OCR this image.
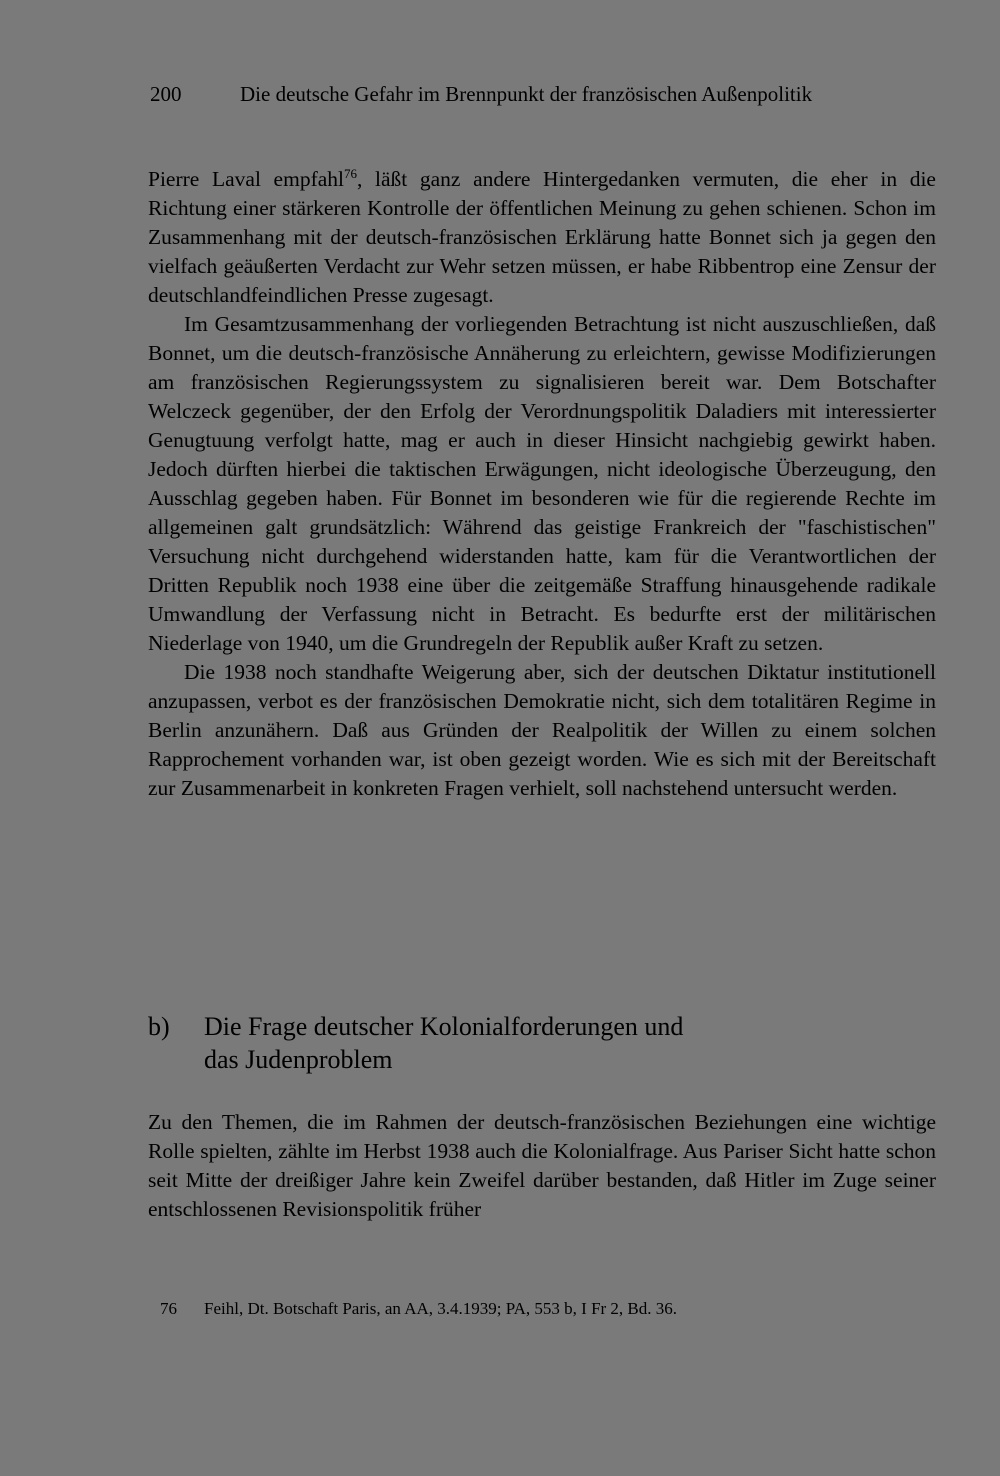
200	Die deutsche Gefahr im Brennpunkt der französischen Außenpolitik

Pierre Laval empfahl$^{76}$, läßt ganz andere Hintergedanken vermuten, die eher in die Richtung einer stärkeren Kontrolle der öffentlichen Meinung zu gehen schienen. Schon im Zusammenhang mit der deutsch-französischen Erklärung hatte Bonnet sich ja gegen den vielfach geäußerten Verdacht zur Wehr setzen müssen, er habe Ribbentrop eine Zensur der deutschlandfeindlichen Presse zugesagt.

Im Gesamtzusammenhang der vorliegenden Betrachtung ist nicht auszuschließen, daß Bonnet, um die deutsch-französische Annäherung zu erleichtern, gewisse Modifizierungen am französischen Regierungssystem zu signalisieren bereit war. Dem Botschafter Welczeck gegenüber, der den Erfolg der Verordnungspolitik Daladiers mit interessierter Genugtuung verfolgt hatte, mag er auch in dieser Hinsicht nachgiebig gewirkt haben. Jedoch dürften hierbei die taktischen Erwägungen, nicht ideologische Überzeugung, den Ausschlag gegeben haben. Für Bonnet im besonderen wie für die regierende Rechte im allgemeinen galt grundsätzlich: Während das geistige Frankreich der "faschistischen" Versuchung nicht durchgehend widerstanden hatte, kam für die Verantwortlichen der Dritten Republik noch 1938 eine über die zeitgemäße Straffung hinausgehende radikale Umwandlung der Verfassung nicht in Betracht. Es bedurfte erst der militärischen Niederlage von 1940, um die Grundregeln der Republik außer Kraft zu setzen.

Die 1938 noch standhafte Weigerung aber, sich der deutschen Diktatur institutionell anzupassen, verbot es der französischen Demokratie nicht, sich dem totalitären Regime in Berlin anzunähern. Daß aus Gründen der Realpolitik der Willen zu einem solchen Rapprochement vorhanden war, ist oben gezeigt worden. Wie es sich mit der Bereitschaft zur Zusammenarbeit in konkreten Fragen verhielt, soll nachstehend untersucht werden.

b)	Die Frage deutscher Kolonialforderungen und
das Judenproblem

Zu den Themen, die im Rahmen der deutsch-französischen Beziehungen eine wichtige Rolle spielten, zählte im Herbst 1938 auch die Kolonialfrage. Aus Pariser Sicht hatte schon seit Mitte der dreißiger Jahre kein Zweifel darüber bestanden, daß Hitler im Zuge seiner entschlossenen Revisionspolitik früher

76 Feihl, Dt. Botschaft Paris, an AA, 3.4.1939; PA, 553 b, I Fr 2, Bd. 36.
